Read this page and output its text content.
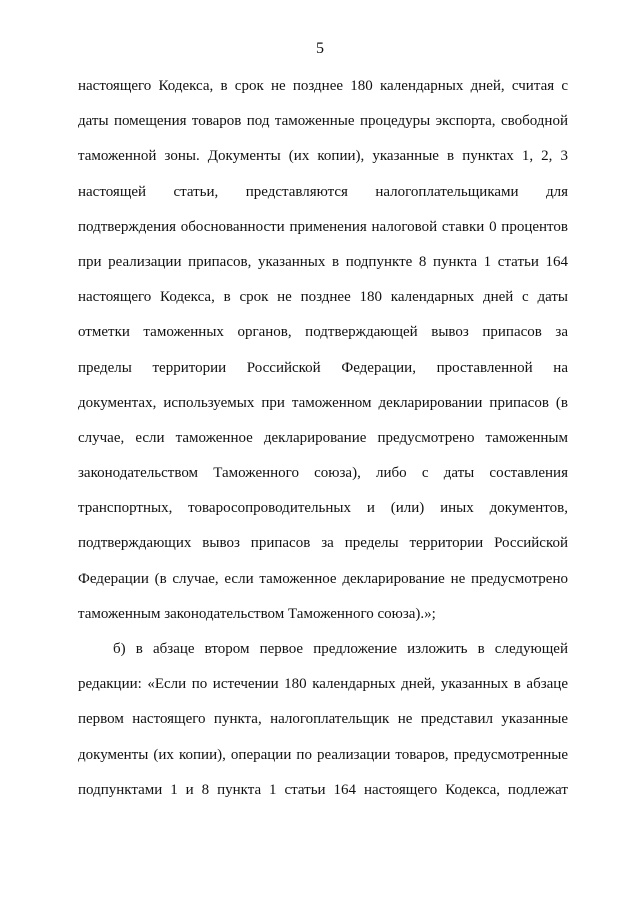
5
настоящего Кодекса, в срок не позднее 180 календарных дней, считая с
даты помещения товаров под таможенные процедуры экспорта, свободной
таможенной зоны. Документы (их копии), указанные в пунктах 1, 2, 3
настоящей статьи, представляются налогоплательщиками для
подтверждения обоснованности применения налоговой ставки 0 процентов
при реализации припасов, указанных в подпункте 8 пункта 1 статьи 164
настоящего Кодекса, в срок не позднее 180 календарных дней с даты
отметки таможенных органов, подтверждающей вывоз припасов за
пределы территории Российской Федерации, проставленной на
документах, используемых при таможенном декларировании припасов (в
случае, если таможенное декларирование предусмотрено таможенным
законодательством Таможенного союза), либо с даты составления
транспортных, товаросопроводительных и (или) иных документов,
подтверждающих вывоз припасов за пределы территории Российской
Федерации (в случае, если таможенное декларирование не предусмотрено
таможенным законодательством Таможенного союза).»;
б) в абзаце втором первое предложение изложить в следующей
редакции: «Если по истечении 180 календарных дней, указанных в абзаце
первом настоящего пункта, налогоплательщик не представил указанные
документы (их копии), операции по реализации товаров, предусмотренные
подпунктами 1 и 8 пункта 1 статьи 164 настоящего Кодекса, подлежат
